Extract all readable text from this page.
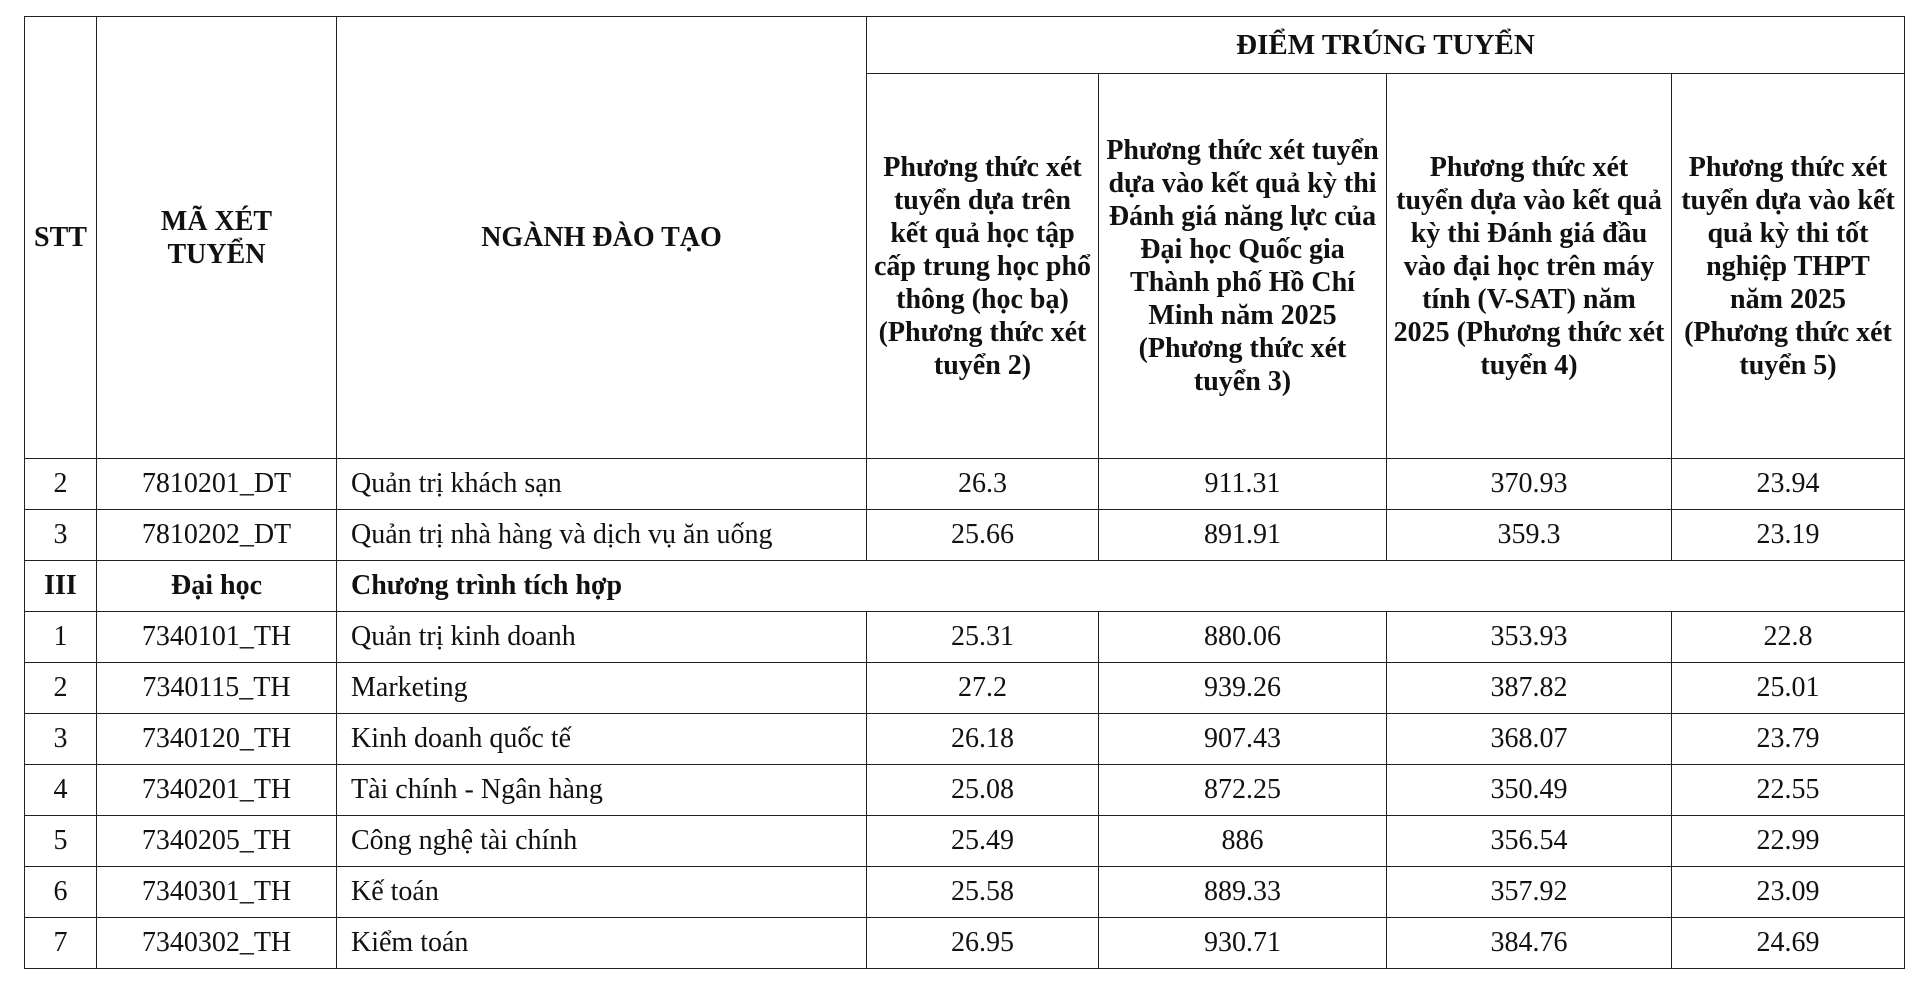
STT	MÃ XÉT TUYỂN	NGÀNH ĐÀO TẠO	ĐIỂM TRÚNG TUYỂN			
			Phương thức xét tuyển dựa trên kết quả học tập cấp trung học phổ thông (học bạ) (Phương thức xét tuyển 2)	Phương thức xét tuyển dựa vào kết quả kỳ thi Đánh giá năng lực của Đại học Quốc gia Thành phố Hồ Chí Minh năm 2025 (Phương thức xét tuyển 3)	Phương thức xét tuyển dựa vào kết quả kỳ thi Đánh giá đầu vào đại học trên máy tính (V-SAT) năm 2025 (Phương thức xét tuyển 4)	Phương thức xét tuyển dựa vào kết quả kỳ thi tốt nghiệp THPT năm 2025 (Phương thức xét tuyển 5)
2	7810201_DT	Quản trị khách sạn	26.3	911.31	370.93	23.94
3	7810202_DT	Quản trị nhà hàng và dịch vụ ăn uống	25.66	891.91	359.3	23.19
III	Đại học	Chương trình tích hợp				
1	7340101_TH	Quản trị kinh doanh	25.31	880.06	353.93	22.8
2	7340115_TH	Marketing	27.2	939.26	387.82	25.01
3	7340120_TH	Kinh doanh quốc tế	26.18	907.43	368.07	23.79
4	7340201_TH	Tài chính - Ngân hàng	25.08	872.25	350.49	22.55
5	7340205_TH	Công nghệ tài chính	25.49	886	356.54	22.99
6	7340301_TH	Kế toán	25.58	889.33	357.92	23.09
7	7340302_TH	Kiểm toán	26.95	930.71	384.76	24.69
